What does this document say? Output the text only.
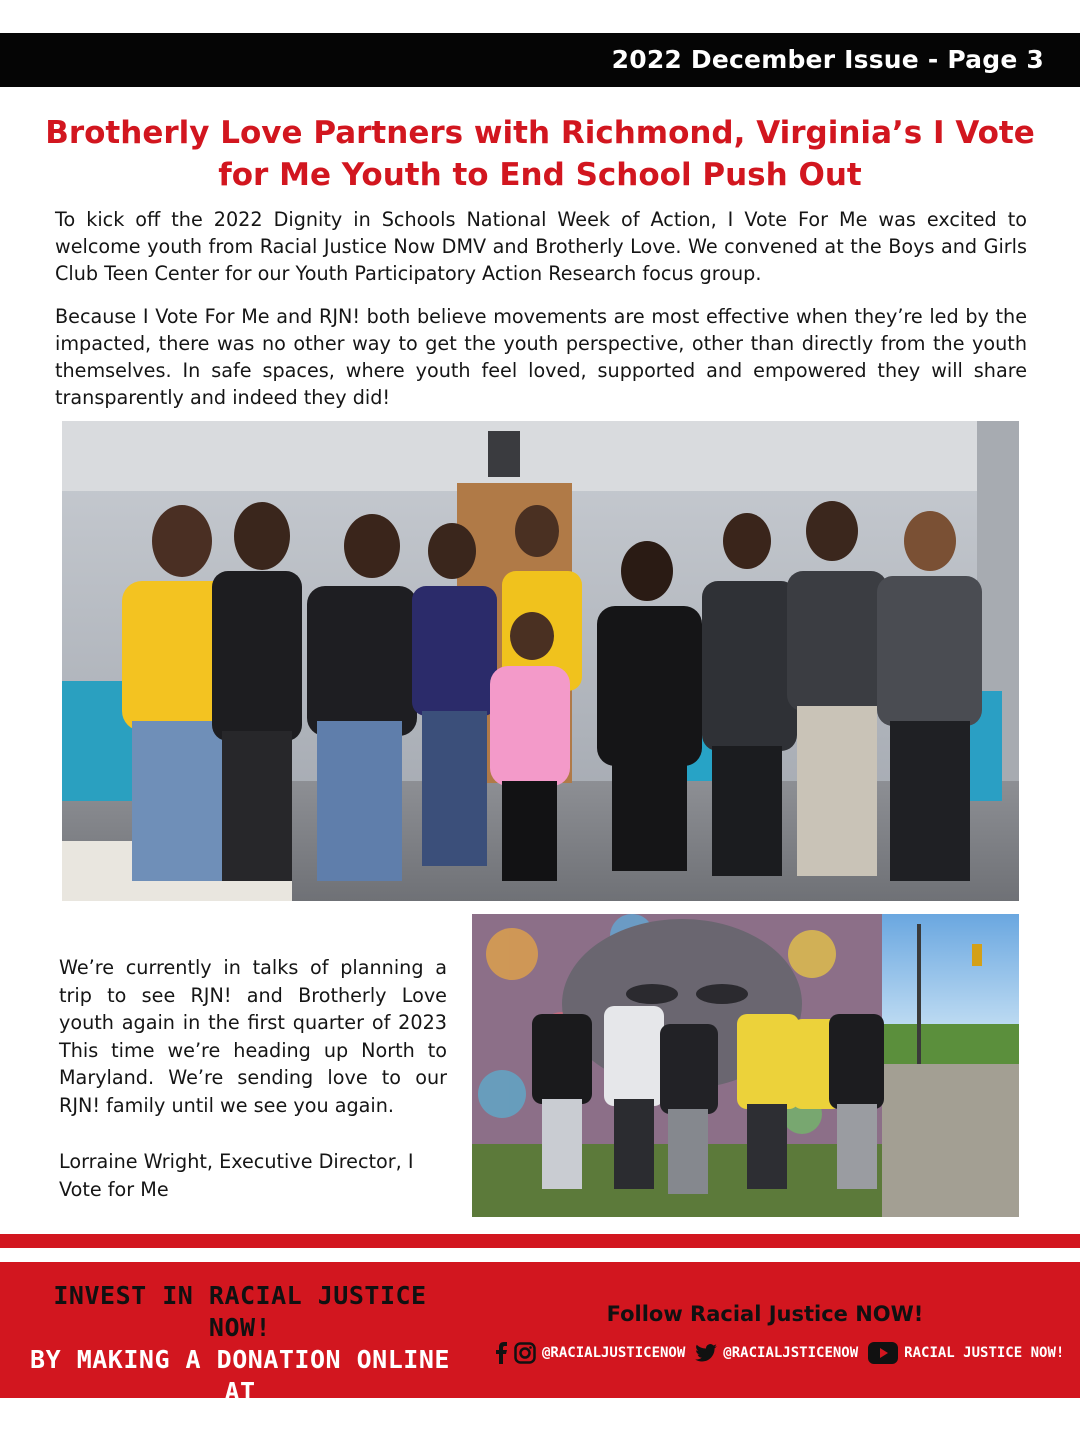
2022 December Issue - Page 3
Brotherly Love Partners with Richmond, Virginia’s I Vote
for Me Youth to End School Push Out

To kick off the 2022 Dignity in Schools National Week of Action, I Vote For Me was excited to welcome youth from Racial Justice Now DMV and Brotherly Love. We convened at the Boys and Girls Club Teen Center for our Youth Participatory Action Research focus group.

Because I Vote For Me and RJN! both believe movements are most effective when they’re led by the impacted, there was no other way to get the youth perspective, other than directly from the youth themselves. In safe spaces, where youth feel loved, supported and empowered they will share transparently and indeed they did!

We’re currently in talks of planning a trip to see RJN! and Brotherly Love youth again in the first quarter of 2023 This time we’re heading up North to Maryland. We’re sending love to our RJN! family until we see you again.
Lorraine Wright, Executive Director, I Vote for Me
INVEST IN RACIAL JUSTICE NOW!
BY MAKING A DONATION ONLINE AT
RJNDMV.ORG/DONATE
Follow Racial Justice NOW!
@RACIALJUSTICENOW	@RACIALJSTICENOW	RACIAL JUSTICE NOW!
